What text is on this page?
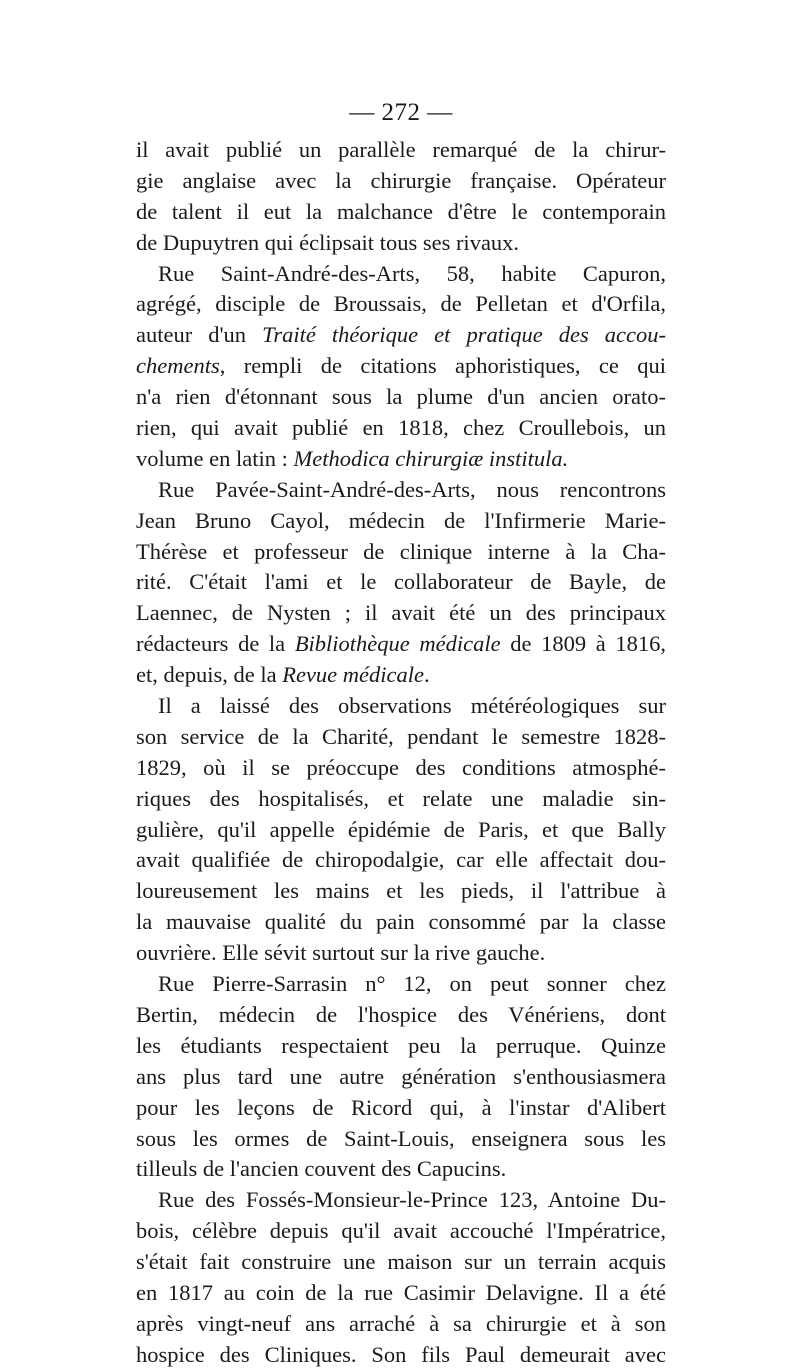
— 272 —
il avait publié un parallèle remarqué de la chirur-
gie anglaise avec la chirurgie française. Opérateur
de talent il eut la malchance d'être le contemporain
de Dupuytren qui éclipsait tous ses rivaux.
Rue Saint-André-des-Arts, 58, habite Capuron,
agrégé, disciple de Broussais, de Pelletan et d'Orfila,
auteur d'un Traité théorique et pratique des accou-
chements, rempli de citations aphoristiques, ce qui
n'a rien d'étonnant sous la plume d'un ancien orato-
rien, qui avait publié en 1818, chez Croullebois, un
volume en latin : Methodica chirurgiæ institula.
Rue Pavée-Saint-André-des-Arts, nous rencontrons
Jean Bruno Cayol, médecin de l'Infirmerie Marie-
Thérèse et professeur de clinique interne à la Cha-
rité. C'était l'ami et le collaborateur de Bayle, de
Laennec, de Nysten ; il avait été un des principaux
rédacteurs de la Bibliothèque médicale de 1809 à 1816,
et, depuis, de la Revue médicale.
Il a laissé des observations météréologiques sur
son service de la Charité, pendant le semestre 1828-
1829, où il se préoccupe des conditions atmosphé-
riques des hospitalisés, et relate une maladie sin-
gulière, qu'il appelle épidémie de Paris, et que Bally
avait qualifiée de chiropodalgie, car elle affectait dou-
loureusement les mains et les pieds, il l'attribue à
la mauvaise qualité du pain consommé par la classe
ouvrière. Elle sévit surtout sur la rive gauche.
Rue Pierre-Sarrasin n° 12, on peut sonner chez
Bertin, médecin de l'hospice des Vénériens, dont
les étudiants respectaient peu la perruque. Quinze
ans plus tard une autre génération s'enthousiasmera
pour les leçons de Ricord qui, à l'instar d'Alibert
sous les ormes de Saint-Louis, enseignera sous les
tilleuls de l'ancien couvent des Capucins.
Rue des Fossés-Monsieur-le-Prince 123, Antoine Du-
bois, célèbre depuis qu'il avait accouché l'Impératrice,
s'était fait construire une maison sur un terrain acquis
en 1817 au coin de la rue Casimir Delavigne. Il a été
après vingt-neuf ans arraché à sa chirurgie et à son
hospice des Cliniques. Son fils Paul demeurait avec
